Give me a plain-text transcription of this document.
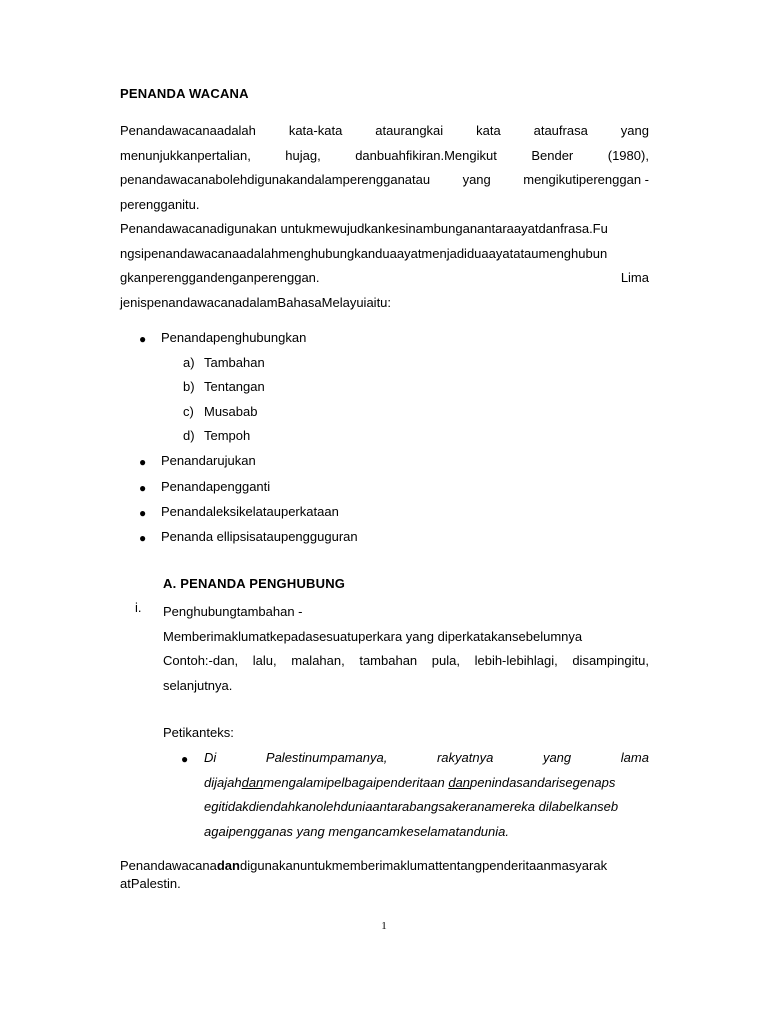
PENANDA WACANA
Penandawacanaadalah	kata-kata	ataurangkai	kata	ataufrasa	yang
menunjukkanpertalian,	hujag,	danbuahfikiran.Mengikut	Bender	(1980),
penandawacanabolehdigunakandalamperengganatau yang mengikutiperenggan -
perengganitu.
Penandawacanadigunakan untukmewujudkankesinambunganantaraayatdanfrasa.Fu
ngsipenandawacanaadalahmenghubungkanduaayatmenjadiduaayatataumenghubun
gkanperenggandenganperenggan.	Lima
jenispenandawacanadalamBahasaMelayuiaitu:
● Penandapenghubungkan
a) Tambahan
b) Tentangan
c) Musabab
d) Tempoh
● Penandarujukan
● Penandapengganti
● Penandaleksikelatauperkataan
● Penanda ellipsisataupengguguran
A. PENANDA PENGHUBUNG
i. Penghubungtambahan -
Memberimaklumatkepadasesuatuperkara yang diperkatakansebelumnya
Contoh:-dan, lalu, malahan, tambahan pula, lebih-lebihlagi, disampingitu,
selanjutnya.
Petikanteks:
● Di	Palestinumpamanya,	rakyatnya	yang	lama
dijajahdanmengalamipelbagaipenderitaan danpenindasandarisegenaps
egitidakdiendahkanolehduniaantarabangsakeranamereka dilabelkanseb
agaipengganas yang mengancamkeselamatandunia.
Penandawacanadandigunakanuntukmemberimaklumattentangpenderitaanmasyarak
atPalestin.
1
